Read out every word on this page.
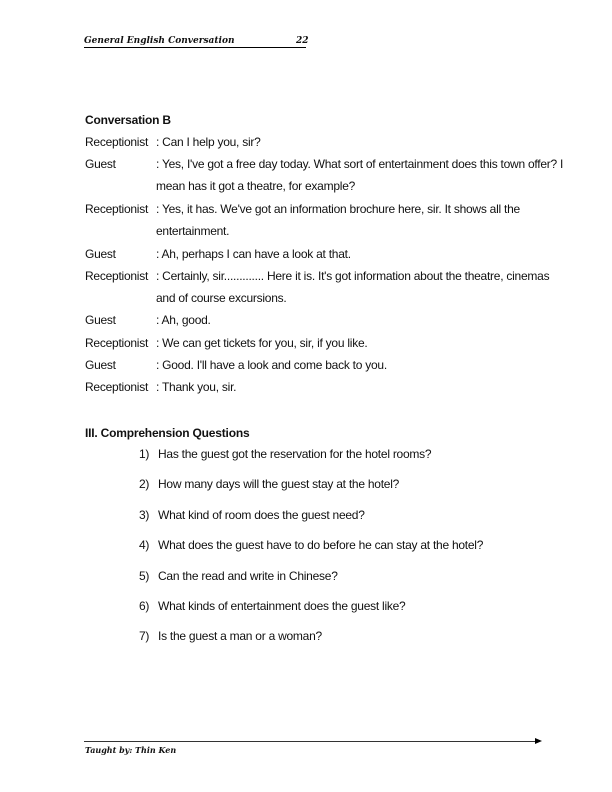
General English Conversation	22
Conversation B
Receptionist : Can I help you, sir?
Guest	: Yes, I've got a free day today. What sort of entertainment does this town offer? I
mean has it got a theatre, for example?
Receptionist : Yes, it has. We've got an information brochure here, sir. It shows all the
entertainment.
Guest	: Ah, perhaps I can have a look at that.
Receptionist : Certainly, sir............. Here it is. It's got information about the theatre, cinemas
and of course excursions.
Guest	: Ah, good.
Receptionist : We can get tickets for you, sir, if you like.
Guest	: Good. I'll have a look and come back to you.
Receptionist : Thank you, sir.
III. Comprehension Questions
1) Has the guest got the reservation for the hotel rooms?
2) How many days will the guest stay at the hotel?
3) What kind of room does the guest need?
4) What does the guest have to do before he can stay at the hotel?
5) Can the read and write in Chinese?
6) What kinds of entertainment does the guest like?
7) Is the guest a man or a woman?
Taught by: Thin Ken
